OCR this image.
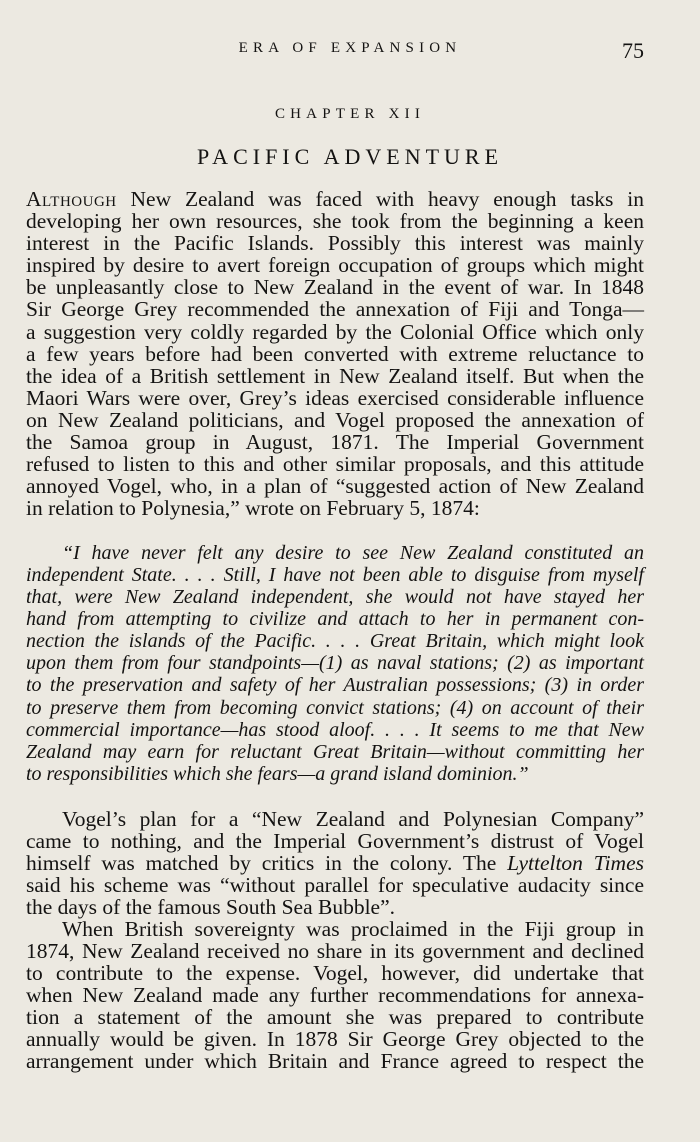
ERA OF EXPANSION	75
CHAPTER XII
PACIFIC ADVENTURE

Although New Zealand was faced with heavy enough tasks in

developing her own resources, she took from the beginning a keen

interest in the Pacific Islands. Possibly this interest was mainly

inspired by desire to avert foreign occupation of groups which might

be unpleasantly close to New Zealand in the event of war. In 1848

Sir George Grey recommended the annexation of Fiji and Tonga—

a suggestion very coldly regarded by the Colonial Office which only

a few years before had been converted with extreme reluctance to

the idea of a British settlement in New Zealand itself. But when the

Maori Wars were over, Grey’s ideas exercised considerable influence

on New Zealand politicians, and Vogel proposed the annexation of

the Samoa group in August, 1871. The Imperial Government

refused to listen to this and other similar proposals, and this attitude

annoyed Vogel, who, in a plan of “suggested action of New Zealand

in relation to Polynesia,” wrote on February 5, 1874:

“I have never felt any desire to see New Zealand constituted an

independent State. . . . Still, I have not been able to disguise from myself

that, were New Zealand independent, she would not have stayed her

hand from attempting to civilize and attach to her in permanent con-

nection the islands of the Pacific. . . . Great Britain, which might look

upon them from four standpoints—(1) as naval stations; (2) as important

to the preservation and safety of her Australian possessions; (3) in order

to preserve them from becoming convict stations; (4) on account of their

commercial importance—has stood aloof. . . . It seems to me that New

Zealand may earn for reluctant Great Britain—without committing her

to responsibilities which she fears—a grand island dominion.”

Vogel’s plan for a “New Zealand and Polynesian Company”

came to nothing, and the Imperial Government’s distrust of Vogel

himself was matched by critics in the colony. The Lyttelton Times

said his scheme was “without parallel for speculative audacity since

the days of the famous South Sea Bubble”.

When British sovereignty was proclaimed in the Fiji group in

1874, New Zealand received no share in its government and declined

to contribute to the expense. Vogel, however, did undertake that

when New Zealand made any further recommendations for annexa-

tion a statement of the amount she was prepared to contribute

annually would be given. In 1878 Sir George Grey objected to the

arrangement under which Britain and France agreed to respect the
